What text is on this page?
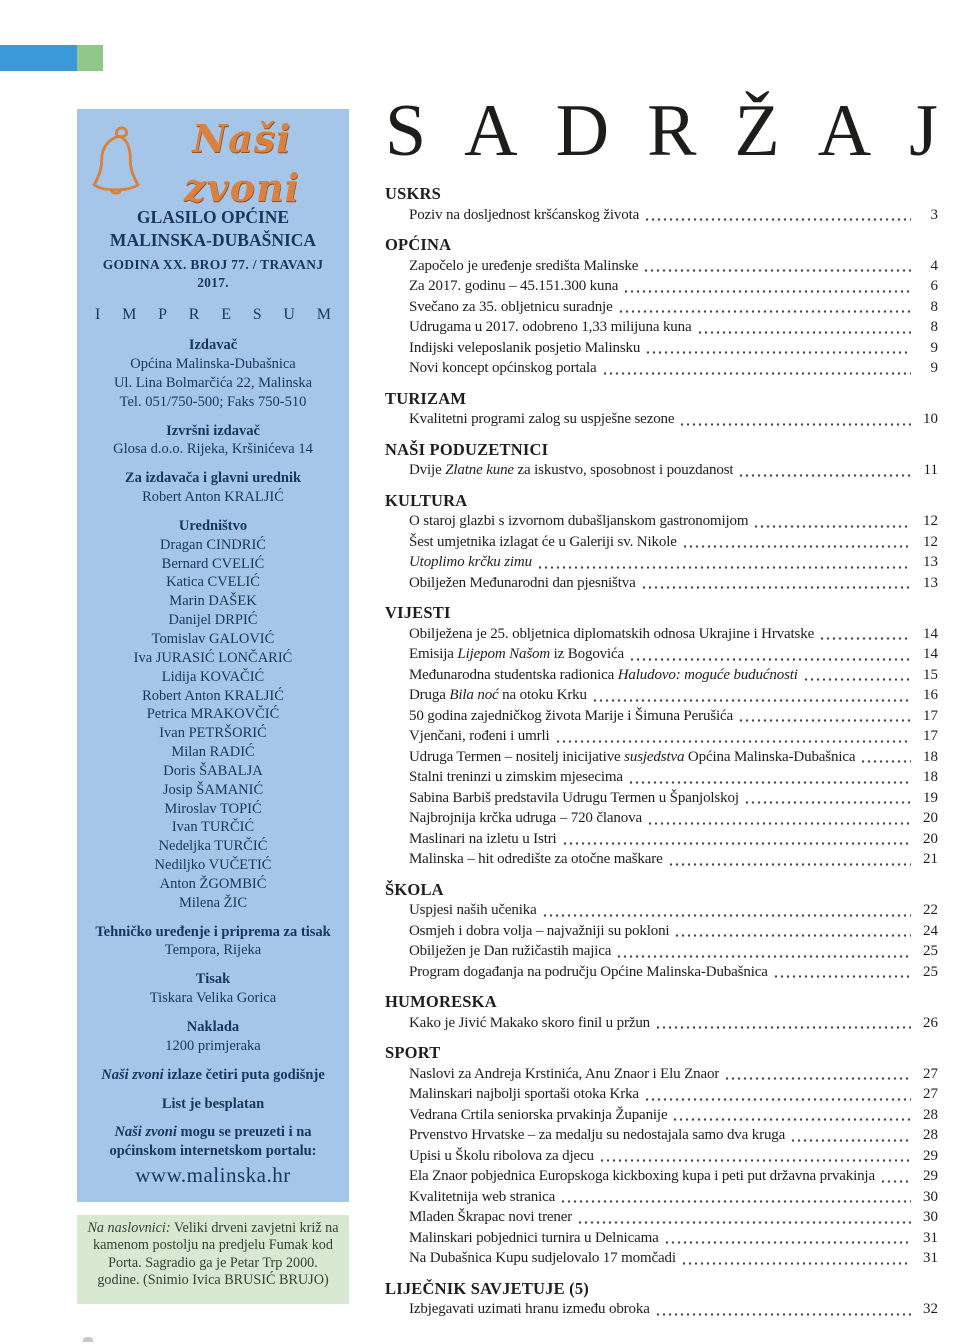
Naši zvoni
GLASILO OPĆINE
MALINSKA-DUBAŠNICA
GODINA XX. BROJ 77. / TRAVANJ 2017.
I M P R E S U M
Izdavač
Općina Malinska-Dubašnica
Ul. Lina Bolmarčića 22, Malinska
Tel. 051/750-500; Faks 750-510
Izvršni izdavač
Glosa d.o.o. Rijeka, Kršinićeva 14
Za izdavača i glavni urednik
Robert Anton KRALJIĆ
Uredništvo
Dragan CINDRIĆ
Bernard CVELIĆ
Katica CVELIĆ
Marin DAŠEK
Danijel DRPIĆ
Tomislav GALOVIĆ
Iva JURASIĆ LONČARIĆ
Lidija KOVAČIĆ
Robert Anton KRALJIĆ
Petrica MRAKOVČIĆ
Ivan PETRŠORIĆ
Milan RADIĆ
Doris ŠABALJA
Josip ŠAMANIĆ
Miroslav TOPIĆ
Ivan TURČIĆ
Nedeljka TURČIĆ
Nediljko VUČETIĆ
Anton ŽGOMBIĆ
Milena ŽIC
Tehničko uređenje i priprema za tisak
Tempora, Rijeka
Tisak
Tiskara Velika Gorica
Naklada
1200 primjeraka
Naši zvoni izlaze četiri puta godišnje
List je besplatan
Naši zvoni mogu se preuzeti i na općinskom internetskom portalu:
www.malinska.hr
Na naslovnici: Veliki drveni zavjetni križ na kamenom postolju na predjelu Fumak kod Porta. Sagradio ga je Petar Trp 2000. godine. (Snimio Ivica BRUSIĆ BRUJO)
S A D R Ž A J
USKRS
Poziv na dosljednost kršćanskog života	3
OPĆINA
Započelo je uređenje središta Malinske	4
Za 2017. godinu – 45.151.300 kuna	6
Svečano za 35. obljetnicu suradnje	8
Udrugama u 2017. odobreno 1,33 milijuna kuna	8
Indijski veleposlanik posjetio Malinsku	9
Novi koncept općinskog portala	9
TURIZAM
Kvalitetni programi zalog su uspješne sezone	10
NAŠI PODUZETNICI
Dvije Zlatne kune za iskustvo, sposobnost i pouzdanost	11
KULTURA
O staroj glazbi s izvornom dubašljanskom gastronomijom	12
Šest umjetnika izlagat će u Galeriji sv. Nikole	12
Utoplimo krčku zimu	13
Obilježen Međunarodni dan pjesništva	13
VIJESTI
Obilježena je 25. obljetnica diplomatskih odnosa Ukrajine i Hrvatske	14
Emisija Lijepom Našom iz Bogovića	14
Međunarodna studentska radionica Haludovo: moguće budućnosti	15
Druga Bila noć na otoku Krku	16
50 godina zajedničkog života Marije i Šimuna Perušića	17
Vjenčani, rođeni i umrli	17
Udruga Termen – nositelj inicijative susjedstva Općina Malinska-Dubašnica	18
Stalni treninzi u zimskim mjesecima	18
Sabina Barbiš predstavila Udrugu Termen u Španjolskoj	19
Najbrojnija krčka udruga – 720 članova	20
Maslinari na izletu u Istri	20
Malinska – hit odredište za otočne maškare	21
ŠKOLA
Uspjesi naših učenika	22
Osmjeh i dobra volja – najvažniji su pokloni	24
Obilježen je Dan ružičastih majica	25
Program događanja na području Općine Malinska-Dubašnica	25
HUMORESKA
Kako je Jivić Makako skoro finil u pržun	26
SPORT
Naslovi za Andreja Krstinića, Anu Znaor i Elu Znaor	27
Malinskari najbolji sportaši otoka Krka	27
Vedrana Crtila seniorska prvakinja Županije	28
Prvenstvo Hrvatske – za medalju su nedostajala samo dva kruga	28
Upisi u Školu ribolova za djecu	29
Ela Znaor pobjednica Europskoga kickboxing kupa i peti put državna prvakinja	29
Kvalitetnija web stranica	30
Mladen Škrapac novi trener	30
Malinskari pobjednici turnira u Delnicama	31
Na Dubašnica Kupu sudjelovalo 17 momčadi	31
LIJEČNIK SAVJETUJE (5)
Izbjegavati uzimati hranu između obroka	32
